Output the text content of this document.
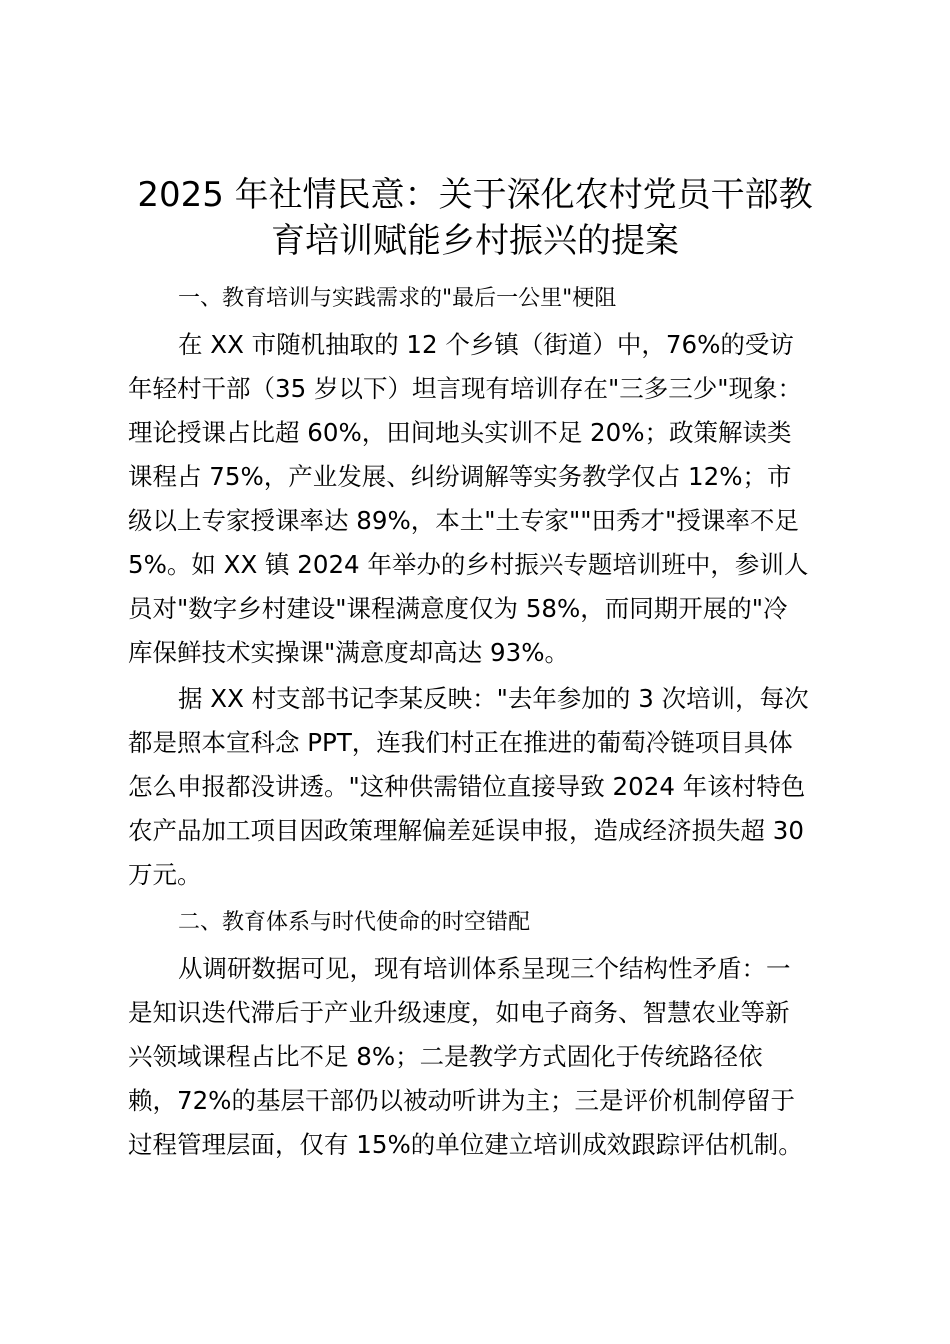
2025 年社情民意：关于深化农村党员干部教
育培训赋能乡村振兴的提案
一、教育培训与实践需求的"最后一公里"梗阻
在 XX 市随机抽取的 12 个乡镇（街道）中，76%的受访
年轻村干部（35 岁以下）坦言现有培训存在"三多三少"现象：
理论授课占比超 60%，田间地头实训不足 20%；政策解读类
课程占 75%，产业发展、纠纷调解等实务教学仅占 12%；市
级以上专家授课率达 89%，本土"土专家""田秀才"授课率不足
5%。如 XX 镇 2024 年举办的乡村振兴专题培训班中，参训人
员对"数字乡村建设"课程满意度仅为 58%，而同期开展的"冷
库保鲜技术实操课"满意度却高达 93%。
据 XX 村支部书记李某反映："去年参加的 3 次培训，每次
都是照本宣科念 PPT，连我们村正在推进的葡萄冷链项目具体
怎么申报都没讲透。"这种供需错位直接导致 2024 年该村特色
农产品加工项目因政策理解偏差延误申报，造成经济损失超 30
万元。
二、教育体系与时代使命的时空错配
从调研数据可见，现有培训体系呈现三个结构性矛盾：一
是知识迭代滞后于产业升级速度，如电子商务、智慧农业等新
兴领域课程占比不足 8%；二是教学方式固化于传统路径依
赖，72%的基层干部仍以被动听讲为主；三是评价机制停留于
过程管理层面，仅有 15%的单位建立培训成效跟踪评估机制。
